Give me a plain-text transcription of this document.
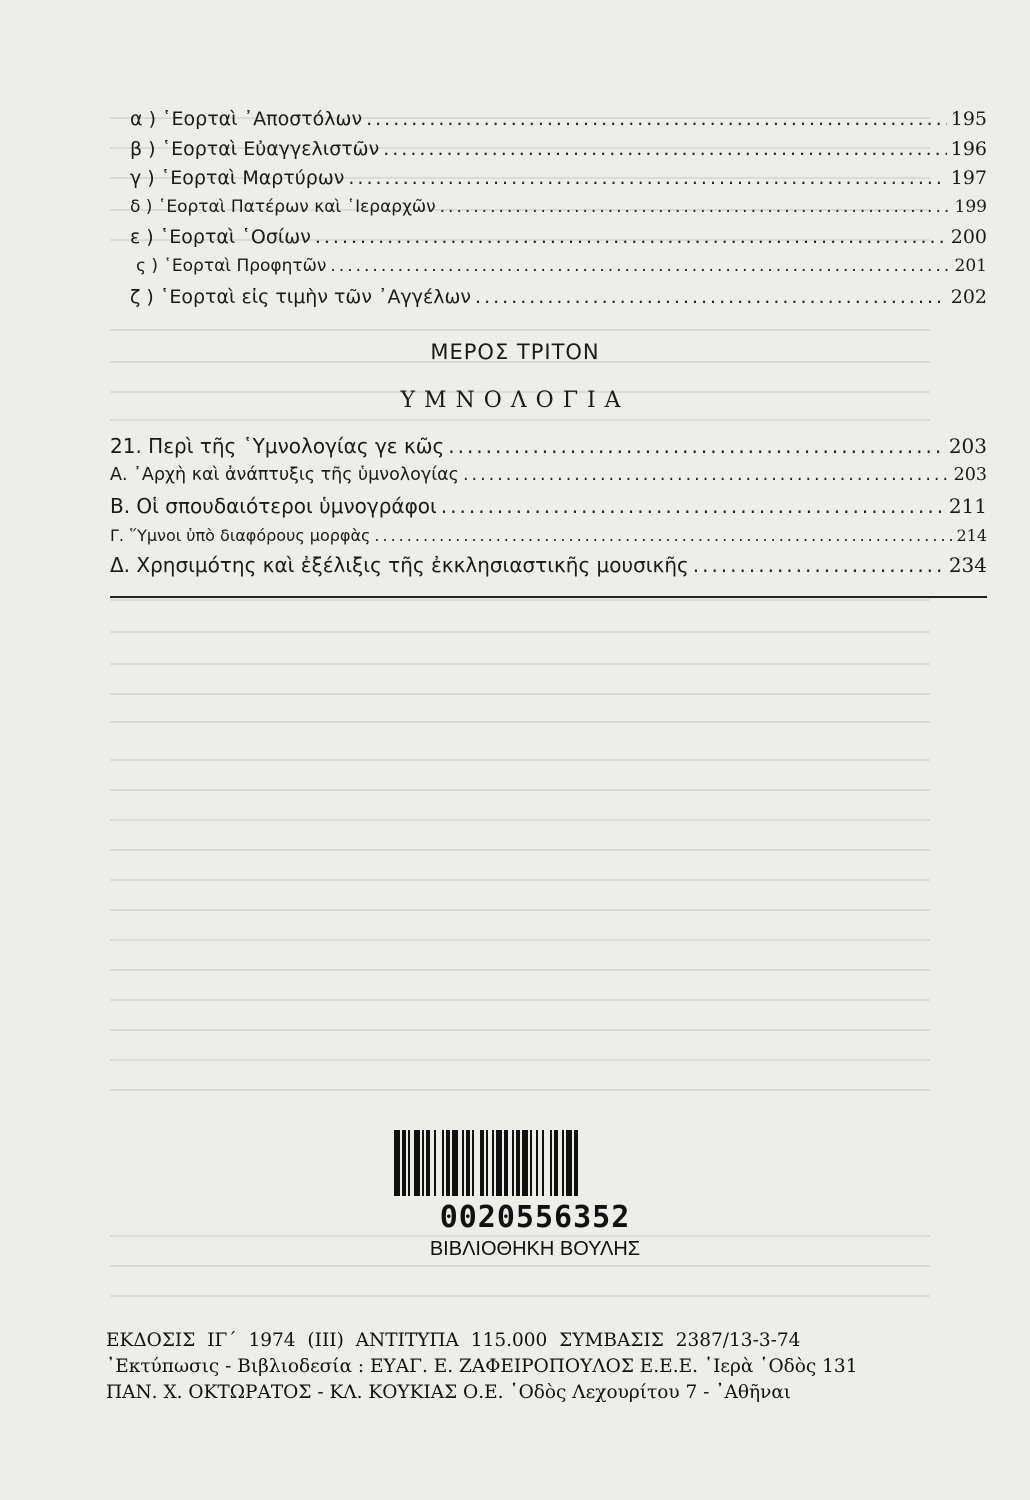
α ) ῾Εορταὶ ᾿Αποστόλων .....	195
β ) ῾Εορταὶ Εὐαγγελιστῶν .....	196
γ ) ῾Εορταὶ Μαρτύρων .....	197
δ ) ῾Εορταὶ Πατέρων καὶ ῾Ιεραρχῶν .....	199
ε ) ῾Εορταὶ ῾Οσίων .....	200
ς ) ῾Εορταὶ Προφητῶν .....	201
ζ ) ῾Εορταὶ εἰς τιμὴν τῶν ᾿Αγγέλων .....	202
ΜΕΡΟΣ ΤΡΙΤΟΝ
ΥΜΝΟΛΟΓΙΑ
21. Περὶ τῆς ῾Υμνολογίας γε κῶς .....	203
Α. ᾿Αρχὴ καὶ ἀνάπτυξις τῆς ὑμνολογίας .....	203
Β. Οἱ σπουδαιότεροι ὑμνογράφοι .....	211
Γ. ῞Υμνοι ὑπὸ διαφόρους μορφὰς .....	214
Δ. Χρησιμότης καὶ ἐξέλιξις τῆς ἐκκλησιαστικῆς μουσικῆς .....	234
0020556352
ΒΙΒΛΙΟΘΗΚΗ ΒΟΥΛΗΣ
ΕΚΔΟΣΙΣ ΙΓ΄ 1974 (ΙΙΙ) ΑΝΤΙΤΥΠΑ 115.000 ΣΥΜΒΑΣΙΣ 2387/13-3-74
᾿Εκτύπωσις - Βιβλιοδεσία : ΕΥΑΓ. Ε. ΖΑΦΕΙΡΟΠΟΥΛΟΣ Ε.Ε.Ε. ῾Ιερὰ ῾Οδὸς 131
ΠΑΝ. Χ. ΟΚΤΩΡΑΤΟΣ - ΚΛ. ΚΟΥΚΙΑΣ Ο.Ε. ῾Οδὸς Λεχουρίτου 7 - ᾿Αθῆναι
